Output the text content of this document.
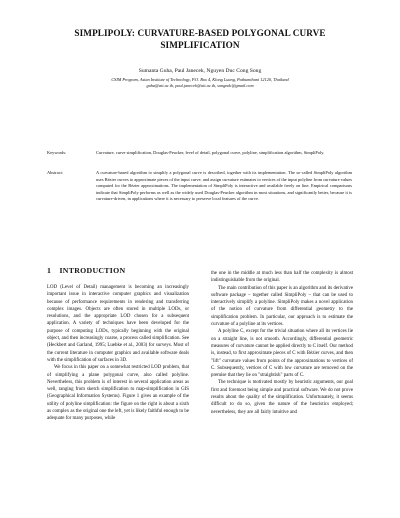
SIMPLIPOLY: CURVATURE-BASED POLYGONAL CURVE
SIMPLIFICATION
Sumanta Guha, Paul Janecek, Nguyen Duc Cong Song
CSIM Program, Asian Institute of Technology, P.O. Box 4, Klong Luang, Pathumthani 12120, Thailand
guha@ait.ac.th, paul.janecek@ait.ac.th, songndc@gmail.com
Keywords:	Curvature, curve simplification, Douglas-Peucker, level of detail, polygonal curve, polyline, simplification algorithm, SimpliPoly.
Abstract:	A curvature-based algorithm to simplify a polygonal curve is described, together with its implementation. The so-called SimpliPoly algorithm uses Bézier curves to approximate pieces of the input curve, and assign curvature estimates to vertices of the input polyline from curvature values computed for the Bézier approximations. The implementation of SimpliPoly is interactive and available freely on line. Empirical comparisons indicate that SimpliPoly performs as well as the widely used Douglas-Peucker algorithm in most situations, and significantly better, because it is curvature-driven, in applications where it is necessary to preserve local features of the curve.
1 INTRODUCTION

LOD (Level of Detail) management is becoming an increasingly important issue in interactive computer graphics and visualization because of performance requirements in rendering and transferring complex images. Objects are often stored in multiple LODs, or resolutions, and the appropriate LOD chosen for a subsequent application. A variety of techniques have been developed for the purpose of computing LODs, typically beginning with the original object, and then increasingly coarse, a process called simplification. See (Heckbert and Garland, 1995; Luebke et al., 2003) for surveys. Most of the current literature in computer graphics and available software deals with the simplification of surfaces in 3D.

We focus in this paper on a somewhat restricted LOD problem, that of simplifying a plane polygonal curve, also called polyline. Nevertheless, this problem is of interest in several application areas as well, ranging from sketch simplification to map-simplification in GIS (Geographical Information Systems). Figure 1 gives an example of the utility of polyline simplification: the figure on the right is about a sixth as complex as the original one the left, yet is likely faithful enough to be adequate for many purposes, while

the one in the middle at much less than half the complexity is almost indistinguishable from the original.

The main contribution of this paper is an algorithm and its derivative software package – together called SimpliPoly – that can be used to interactively simplify a polyline. SimpliPoly makes a novel application of the notion of curvature from differential geometry to the simplification problem. In particular, our approach is to estimate the curvature of a polyline at its vertices.

A polyline C, except for the trivial situation where all its vertices lie on a straight line, is not smooth. Accordingly, differential geometric measures of curvature cannot be applied directly to C itself. Our method is, instead, to first approximate pieces of C with Bézier curves, and then "lift" curvature values from points of the approximations to vertices of C. Subsequently, vertices of C with low curvature are removed on the premise that they lie on "straightish" parts of C.

The technique is motivated mostly by heuristic arguments, our goal first and foremost being simple and practical software. We do not prove results about the quality of the simplification. Unfortunately, it seems difficult to do so, given the nature of the heuristics employed; nevertheless, they are all fairly intuitive and
